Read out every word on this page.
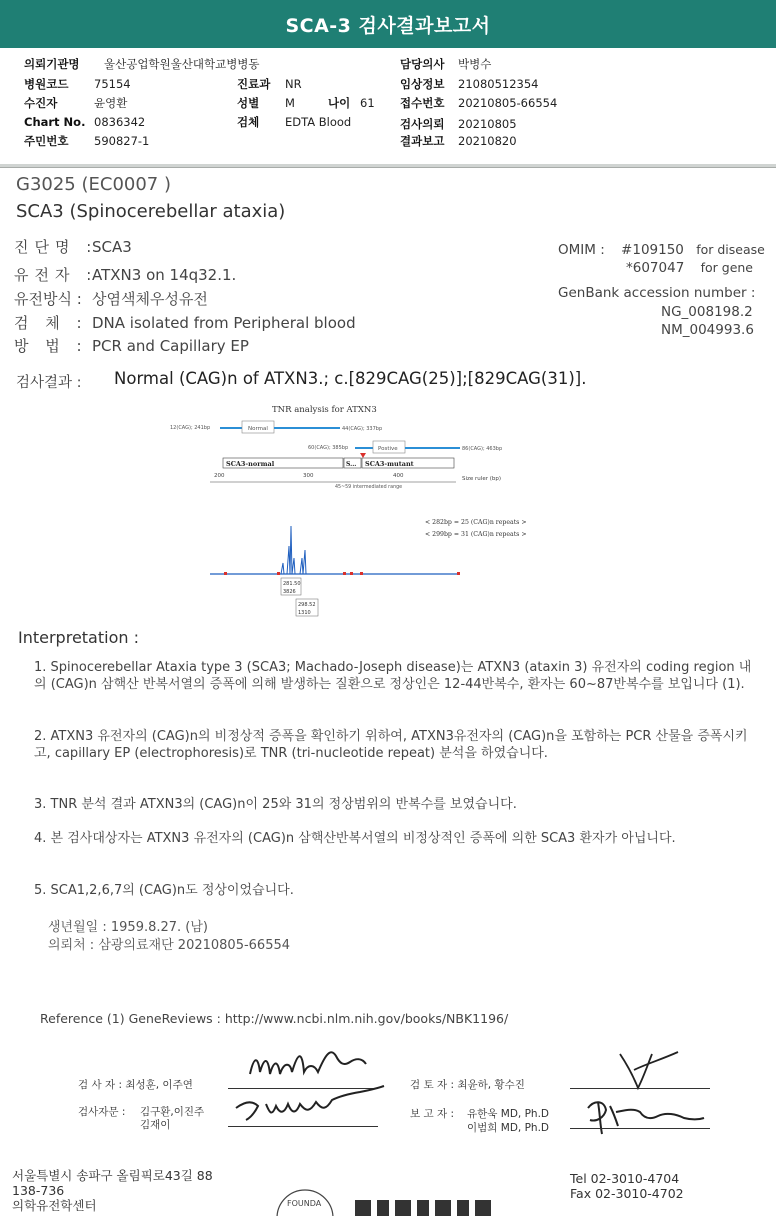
SCA-3 검사결과보고서
의뢰기관명 울산공업학원울산대학교병병동	담당의사 박병수
병원코드 75154	진료과 NR	임상정보 21080512354
수진자	윤영환	성별 M	나이 61 접수번호 20210805-66554
Chart No. 0836342	검체 EDTA Blood	검사의뢰 20210805
주민번호 590827-1	결과보고 20210820
G3025 (EC0007 )
SCA3 (Spinocerebellar ataxia)
진단명 :SCA3
유전자 :ATXN3 on 14q32.1.
유전방식 : 상염색체우성유전
검 체 : DNA isolated from Peripheral blood
방 법 : PCR and Capillary EP
OMIM : #109150 for disease
*607047 for gene
GenBank accession number :
NG_008198.2
NM_004993.6
검사결과 : Normal (CAG)n of ATXN3.; c.[829CAG(25)];[829CAG(31)].
TNR analysis for ATXN3
12(CAG); 241bp	Normal	44(CAG); 337bp
60(CAG); 385bp	Postive	86(CAG); 463bp
SCA3-normal	S... SCA3-mutant
200	300	400	Size ruler (bp)
45~59 intermediated range
< 282bp = 25 (CAG)n repeats >
< 299bp = 31 (CAG)n repeats >
281.50
3826
298.52
1310
Interpretation :
1. Spinocerebellar Ataxia type 3 (SCA3; Machado-Joseph disease)는 ATXN3 (ataxin 3) 유전자의 coding region 내의 (CAG)n 삼핵산 반복서열의 증폭에 의해 발생하는 질환으로 정상인은 12-44반복수, 환자는 60~87반복수를 보입니다 (1).
2. ATXN3 유전자의 (CAG)n의 비정상적 증폭을 확인하기 위하여, ATXN3유전자의 (CAG)n을 포함하는 PCR 산물을 증폭시키고, capillary EP (electrophoresis)로 TNR (tri-nucleotide repeat) 분석을 하였습니다.
3. TNR 분석 결과 ATXN3의 (CAG)n이 25와 31의 정상범위의 반복수를 보였습니다.
4. 본 검사대상자는 ATXN3 유전자의 (CAG)n 삼핵산반복서열의 비정상적인 증폭에 의한 SCA3 환자가 아닙니다.
5. SCA1,2,6,7의 (CAG)n도 정상이었습니다.
생년월일 : 1959.8.27. (남)
의뢰처 : 삼광의료재단 20210805-66554
Reference (1) GeneReviews : http://www.ncbi.nlm.nih.gov/books/NBK1196/
검 사 자 : 최성훈, 이주연	검 토 자 : 최윤하, 황수진
검사자문 : 김구환,이진주
김재이
보 고 자 : 유한욱 MD, Ph.D
이범희 MD, Ph.D
서울특별시 송파구 올림픽로43길 88
138-736
의학유전학센터
Tel 02-3010-4704
Fax 02-3010-4702
FOUNDA
